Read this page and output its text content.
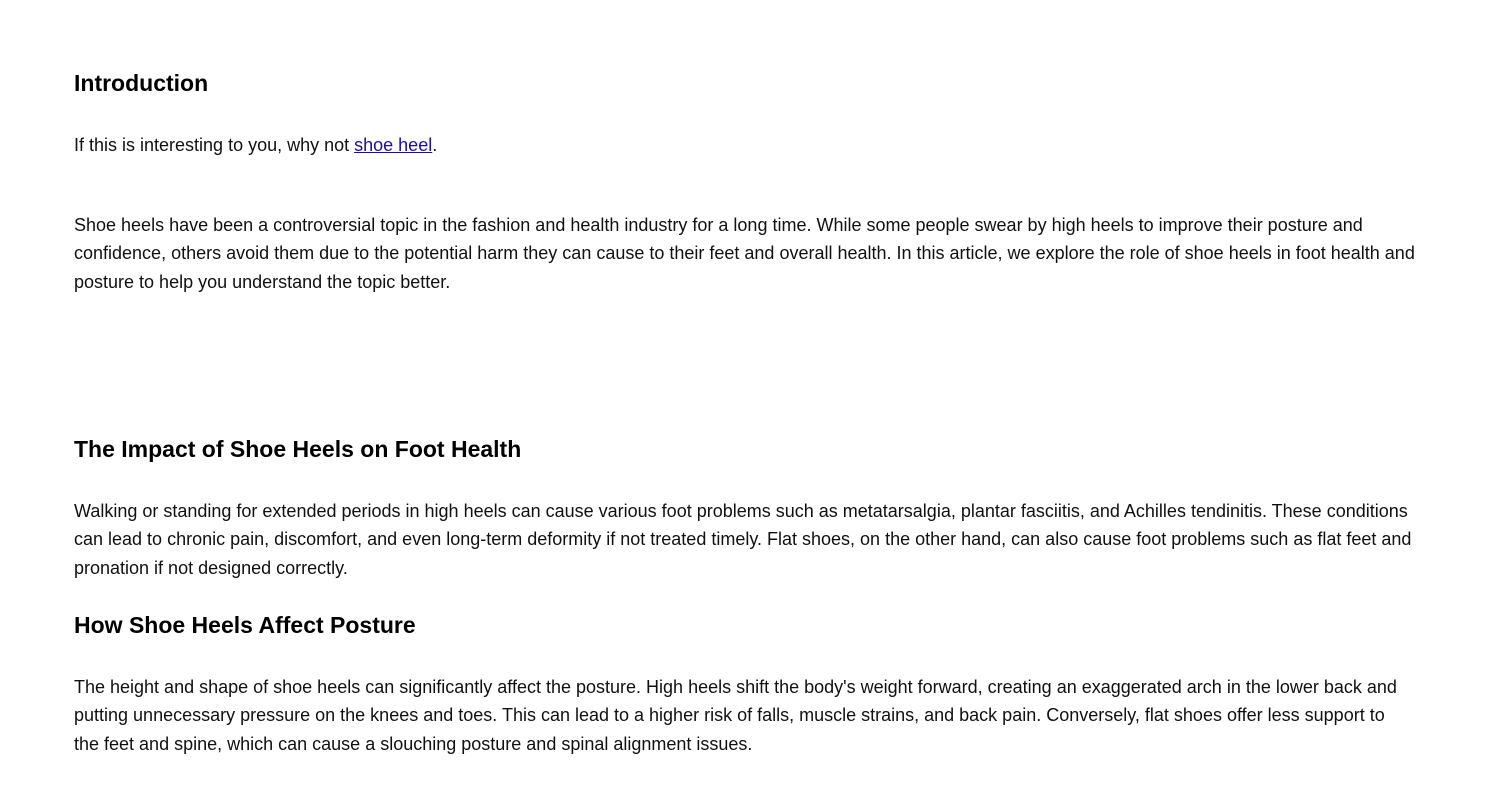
Introduction

If this is interesting to you, why not shoe heel.

Shoe heels have been a controversial topic in the fashion and health industry for a long time. While some people swear by high heels to improve their posture and confidence, others avoid them due to the potential harm they can cause to their feet and overall health. In this article, we explore the role of shoe heels in foot health and posture to help you understand the topic better.

The Impact of Shoe Heels on Foot Health

Walking or standing for extended periods in high heels can cause various foot problems such as metatarsalgia, plantar fasciitis, and Achilles tendinitis. These conditions can lead to chronic pain, discomfort, and even long-term deformity if not treated timely. Flat shoes, on the other hand, can also cause foot problems such as flat feet and pronation if not designed correctly.

How Shoe Heels Affect Posture

The height and shape of shoe heels can significantly affect the posture. High heels shift the body's weight forward, creating an exaggerated arch in the lower back and putting unnecessary pressure on the knees and toes. This can lead to a higher risk of falls, muscle strains, and back pain. Conversely, flat shoes offer less support to the feet and spine, which can cause a slouching posture and spinal alignment issues.
